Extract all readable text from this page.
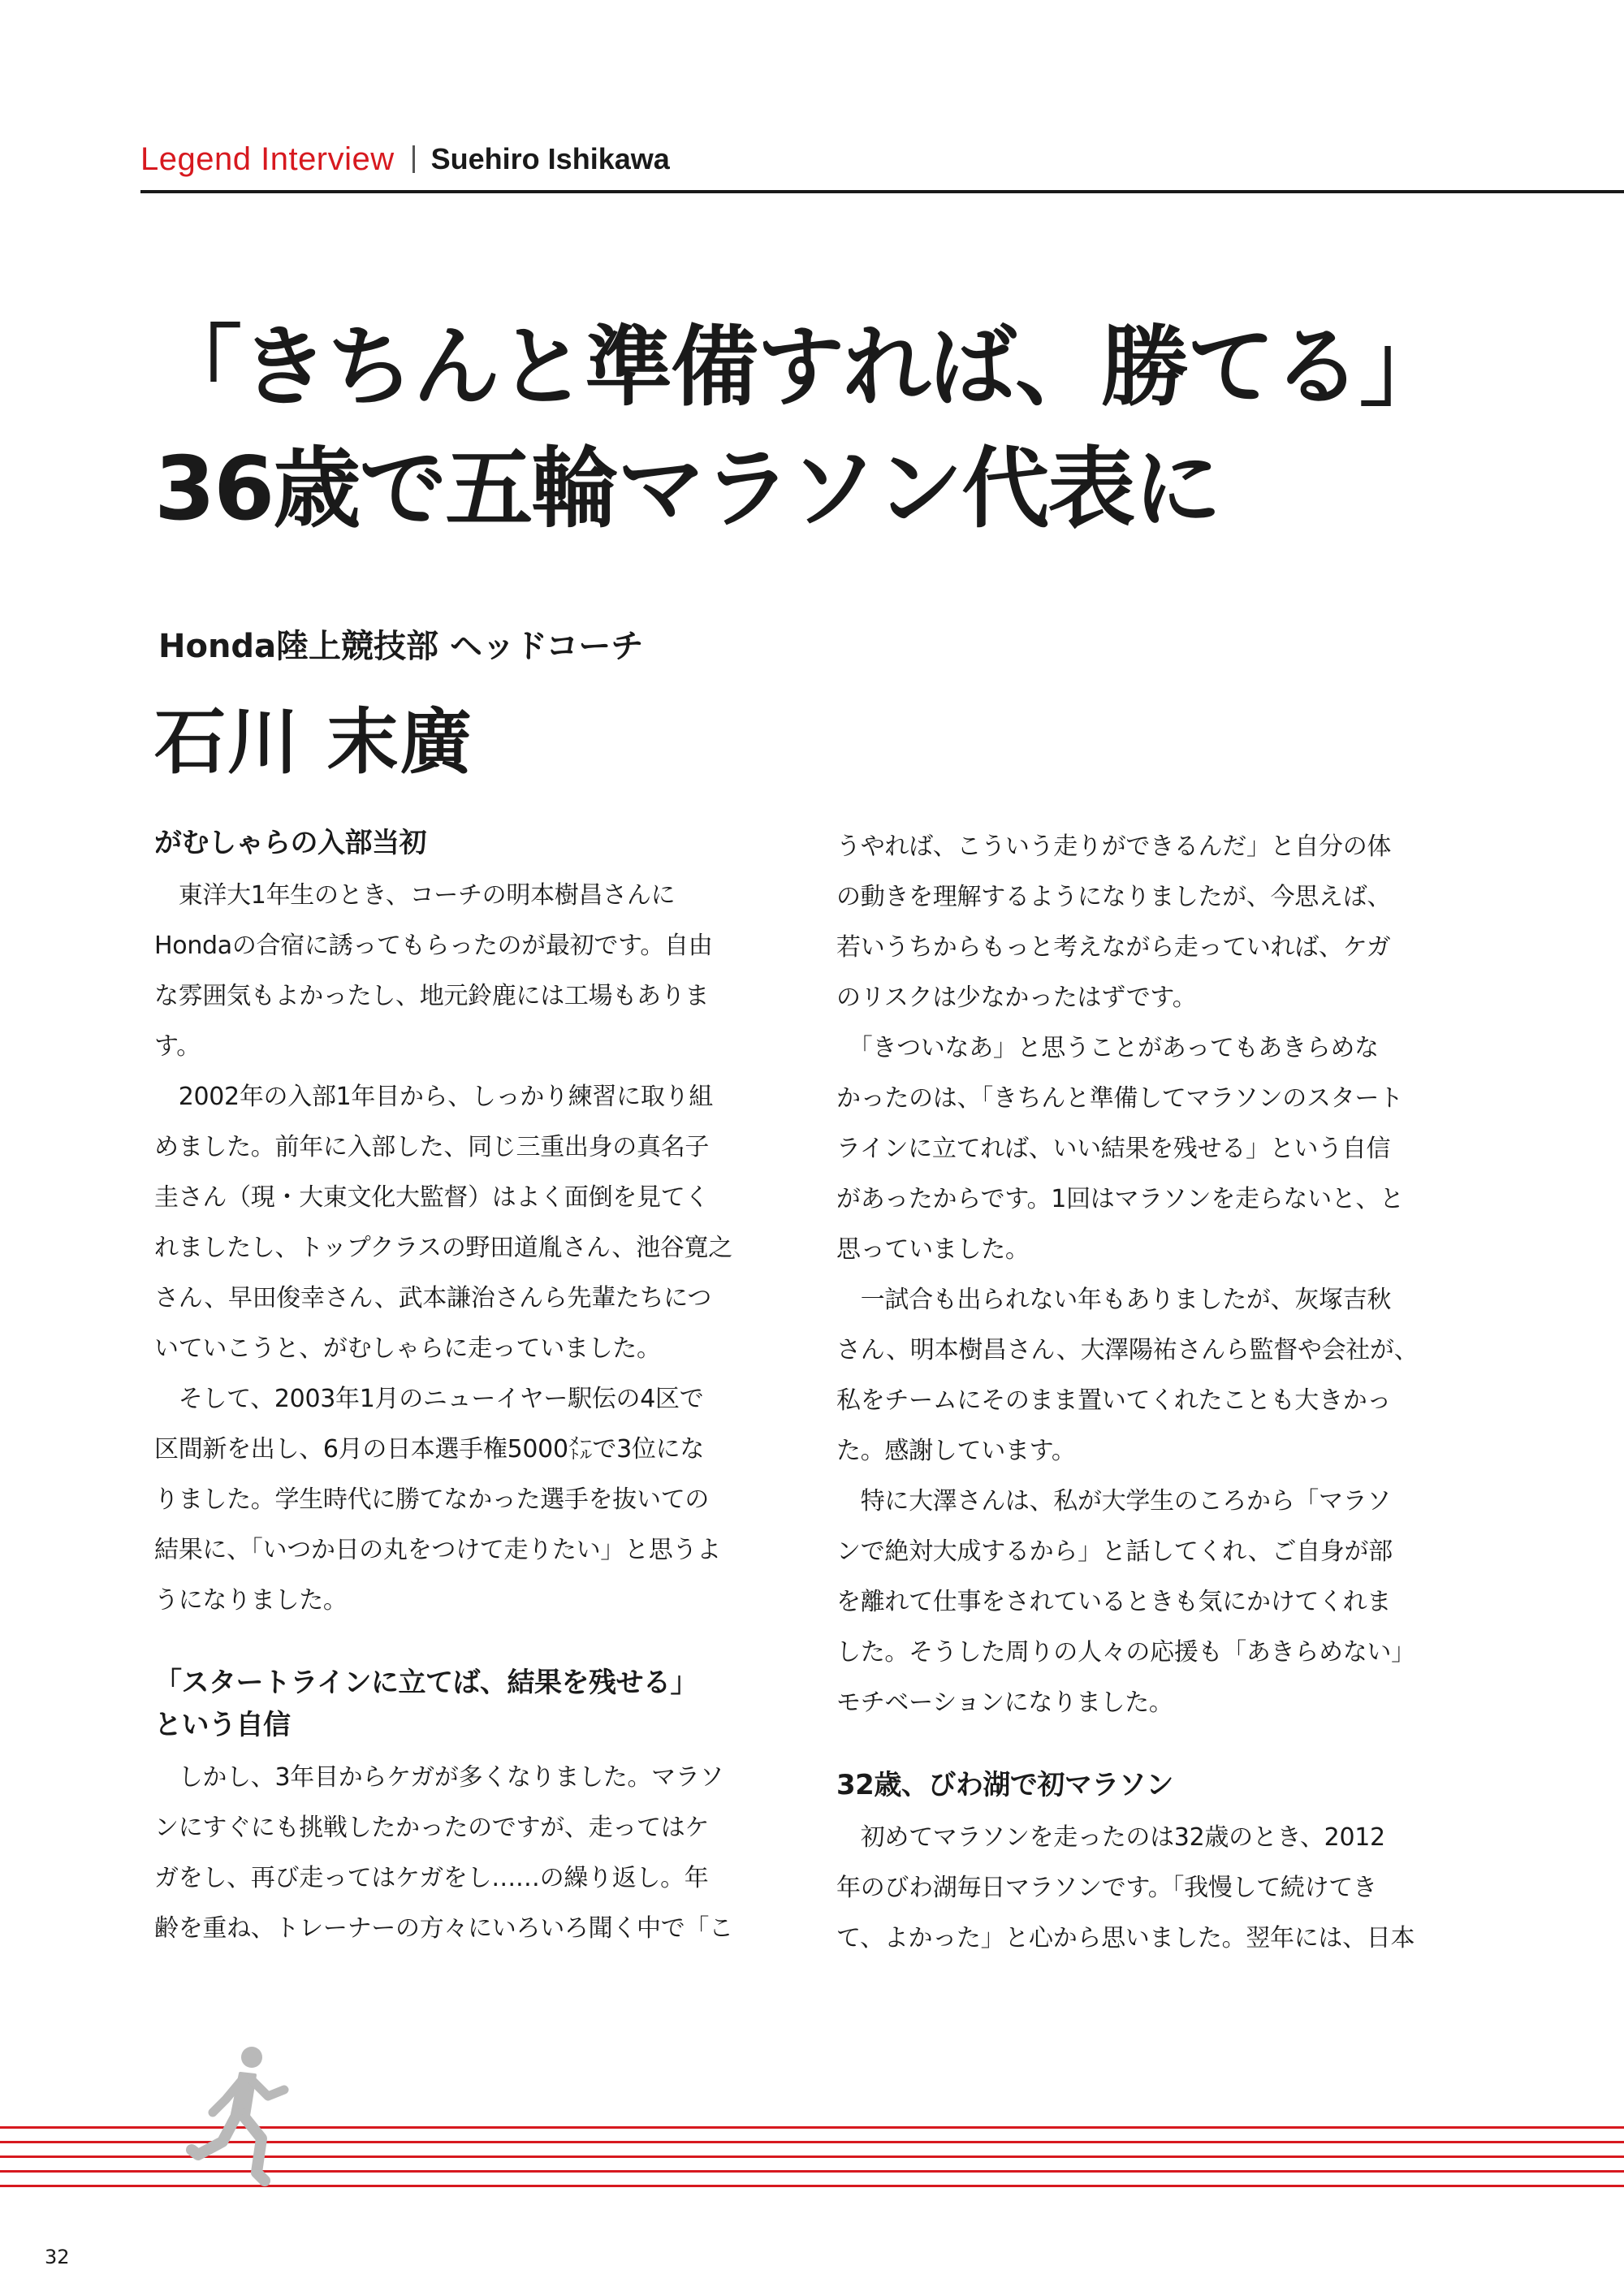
Legend Interview Suehiro Ishikawa
「きちんと準備すれば、勝てる」
36歳で五輪マラソン代表に
Honda陸上競技部 ヘッドコーチ
石川 末廣
がむしゃらの入部当初

　東洋大1年生のとき、コーチの明本樹昌さんに

Hondaの合宿に誘ってもらったのが最初です。自由

な雰囲気もよかったし、地元鈴鹿には工場もありま

す。

　2002年の入部1年目から、しっかり練習に取り組

めました。前年に入部した、同じ三重出身の真名子

圭さん（現・大東文化大監督）はよく面倒を見てく

れましたし、トップクラスの野田道胤さん、池谷寛之

さん、早田俊幸さん、武本謙治さんら先輩たちにつ

いていこうと、がむしゃらに走っていました。

　そして、2003年1月のニューイヤー駅伝の4区で

区間新を出し、6月の日本選手権5000㍍で3位にな

りました。学生時代に勝てなかった選手を抜いての

結果に、「いつか日の丸をつけて走りたい」と思うよ

うになりました。

「スタートラインに立てば、結果を残せる」
という自信

　しかし、3年目からケガが多くなりました。マラソ

ンにすぐにも挑戦したかったのですが、走ってはケ

ガをし、再び走ってはケガをし……の繰り返し。年

齢を重ね、トレーナーの方々にいろいろ聞く中で「こ

うやれば、こういう走りができるんだ」と自分の体

の動きを理解するようになりましたが、今思えば、

若いうちからもっと考えながら走っていれば、ケガ

のリスクは少なかったはずです。

　「きついなあ」と思うことがあってもあきらめな

かったのは、「きちんと準備してマラソンのスタート

ラインに立てれば、いい結果を残せる」という自信

があったからです。1回はマラソンを走らないと、と

思っていました。

　一試合も出られない年もありましたが、灰塚吉秋

さん、明本樹昌さん、大澤陽祐さんら監督や会社が、

私をチームにそのまま置いてくれたことも大きかっ

た。感謝しています。

　特に大澤さんは、私が大学生のころから「マラソ

ンで絶対大成するから」と話してくれ、ご自身が部

を離れて仕事をされているときも気にかけてくれま

した。そうした周りの人々の応援も「あきらめない」

モチベーションになりました。

32歳、びわ湖で初マラソン

　初めてマラソンを走ったのは32歳のとき、2012

年のびわ湖毎日マラソンです。「我慢して続けてき

て、よかった」と心から思いました。翌年には、日本

32
